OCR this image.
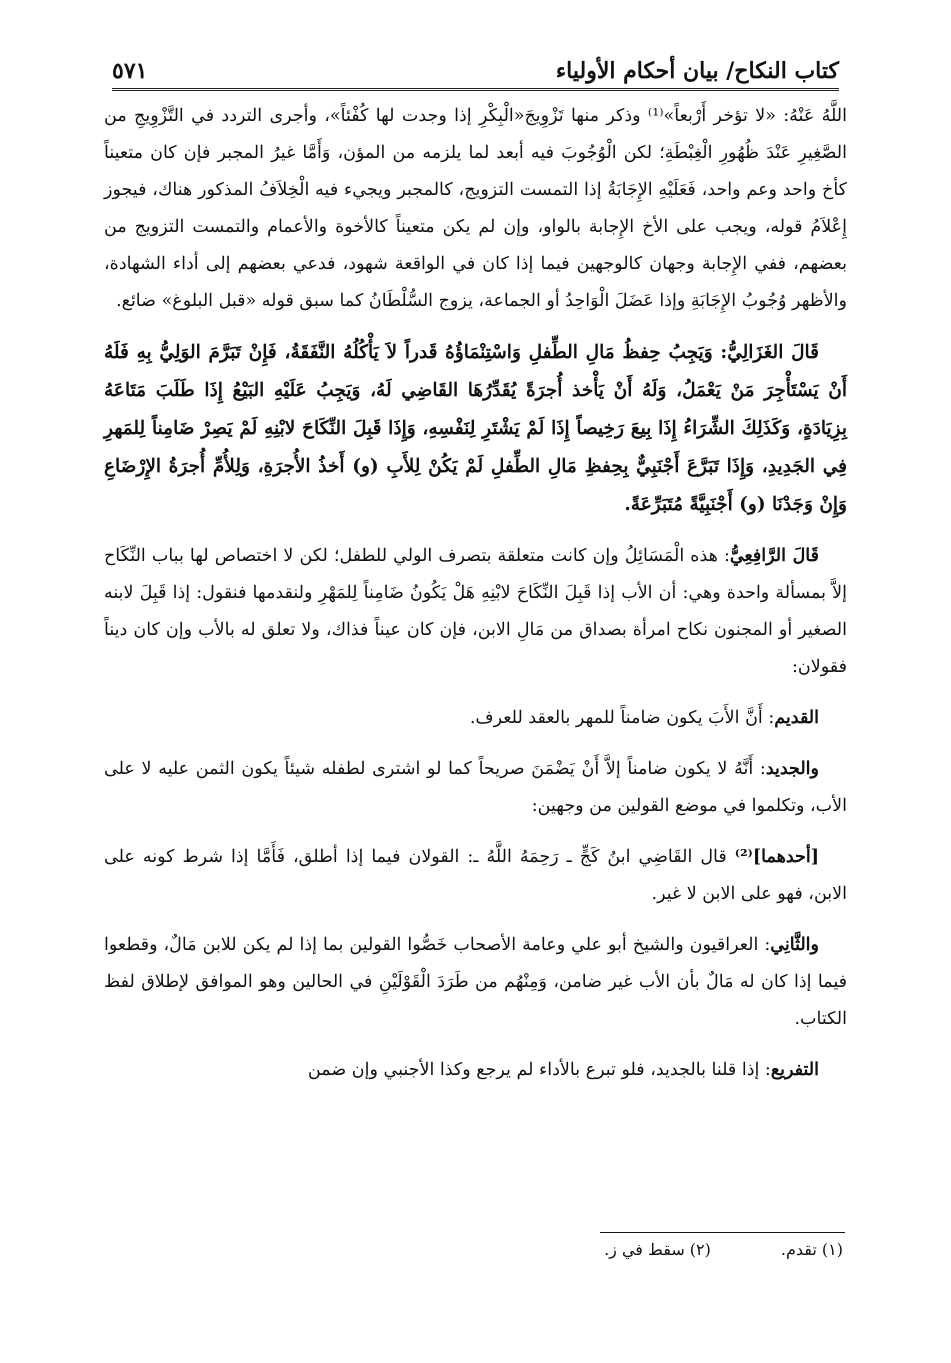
كتاب النكاح/ بيان أحكام الأولياء
٥٧١

اللَّهُ عَنْهُ: «لا تؤخر أَرْبعاً»⁽¹⁾ وذكر منها تَزْوِيجَ«الْبِكْرِ إذا وجدت لها كُفْئاً»، وأجرى التردد في التَّزْوِيجِ من الصَّغِيرِ عَنْدَ ظُهُورِ الْغِبْطَةِ؛ لكن الْوُجُوبَ فيه أبعد لما يلزمه من المؤن، وَأَمَّا غيرُ المجبر فإن كان متعيناً كأخ واحد وعم واحد، فَعَلَيْهِ الإِجَابَةُ إذا التمست التزويج، كالمجبر ويجيء فيه الْخِلاَفُ المذكور هناك، فيجوز إِعْلاَمُ قوله، ويجب على الأخ الإِجابة بالواو، وإن لم يكن متعيناً كالأخوة والأعمام والتمست التزويج من بعضهم، ففي الإِجابة وجهان كالوجهين فيما إذا كان في الواقعة شهود، فدعي بعضهم إلى أداء الشهادة، والأظهر وُجُوبُ الإِجَابَةِ وإذا عَضَلَ الْوَاحِدُ أو الجماعة، يزوج السُّلْطَانُ كما سبق قوله «قبل البلوغ» ضائع.

قَالَ الغَزَالِيُّ: وَيَجِبُ حِفظُ مَالِ الطِّفلِ وَاسْتِنْمَاؤُهُ قَدراً لاَ يَأْكُلُهُ النَّفَقَةُ، فَإِنْ تَبَرَّمَ الوَلِيُّ بِهِ فَلَهُ أَنْ يَسْتَأْجِرَ مَنْ يَعْمَلُ، وَلَهُ أَنْ يَأْخذ أُجرَةً يُقَدِّرُهَا القَاضِي لَهُ، وَيَجِبُ عَلَيْهِ البَيْعُ إِذَا طَلَبَ مَتَاعَهُ بِزِيَادَةٍ، وَكَذَلِكَ الشِّرَاءُ إِذَا بِيعَ رَخِيصاً إِذَا لَمْ يَشْتَرِ لِنَفْسِهِ، وَإِذَا قَبِلَ النِّكَاحَ لابْنِهِ لَمْ يَصِرْ ضَامِناً لِلمَهرِ فِي الجَدِيدِ، وَإِذَا تَبَرَّعَ أَجْنَبِيٌّ بِحِفظِ مَالِ الطِّفلِ لَمْ يَكُنْ لِلأَبِ (و) أَخذُ الأُجرَةِ، وَلِلأُمِّ أُجرَةُ الإِرْضَاعِ وَإِنْ وَجَدْنَا (و) أَجْنَبِيَّةً مُتَبَرِّعَةً.

قَالَ الرَّافِعِيُّ: هذه الْمَسَائِلُ وإن كانت متعلقة بتصرف الولي للطفل؛ لكن لا اختصاص لها بباب النِّكَاح إلاَّ بمسألة واحدة وهي: أن الأب إذا قَبِلَ النِّكَاحَ لابْنِهِ هَلْ يَكُونُ ضَامِناً لِلمَهْرِ ولنقدمها فنقول: إذا قَبِلَ لابنه الصغير أو المجنون نكاح امرأة بصداق من مَالِ الابن، فإن كان عيناً فذاك، ولا تعلق له بالأب وإن كان ديناً فقولان:

القديم: أَنَّ الأَبَ يكون ضامناً للمهر بالعقد للعرف.

والجديد: أَنَّهُ لا يكون ضامناً إلاَّ أَنْ يَضْمَنَ صريحاً كما لو اشترى لطفله شيئاً يكون الثمن عليه لا على الأب، وتكلموا في موضع القولين من وجهين:

[أحدهما]⁽²⁾ قال القَاضِي ابنُ كَجٍّ ـ رَحِمَهُ اللَّهُ ـ: القولان فيما إذا أطلق، فَأَمَّا إذا شرط كونه على الابن، فهو على الابن لا غير.

والثَّانِي: العراقيون والشيخ أبو علي وعامة الأصحاب خَصُّوا القولين بما إذا لم يكن للابن مَالٌ، وقطعوا فيما إذا كان له مَالٌ بأن الأب غير ضامن، وَمِنْهُم من طَرَدَ الْقَوْلَيْنِ في الحالين وهو الموافق لإطلاق لفظ الكتاب.

التفريع: إذا قلنا بالجديد، فلو تبرع بالأداء لم يرجع وكذا الأجنبي وإن ضمن

(١) تقدم.
(٢) سقط في ز.
